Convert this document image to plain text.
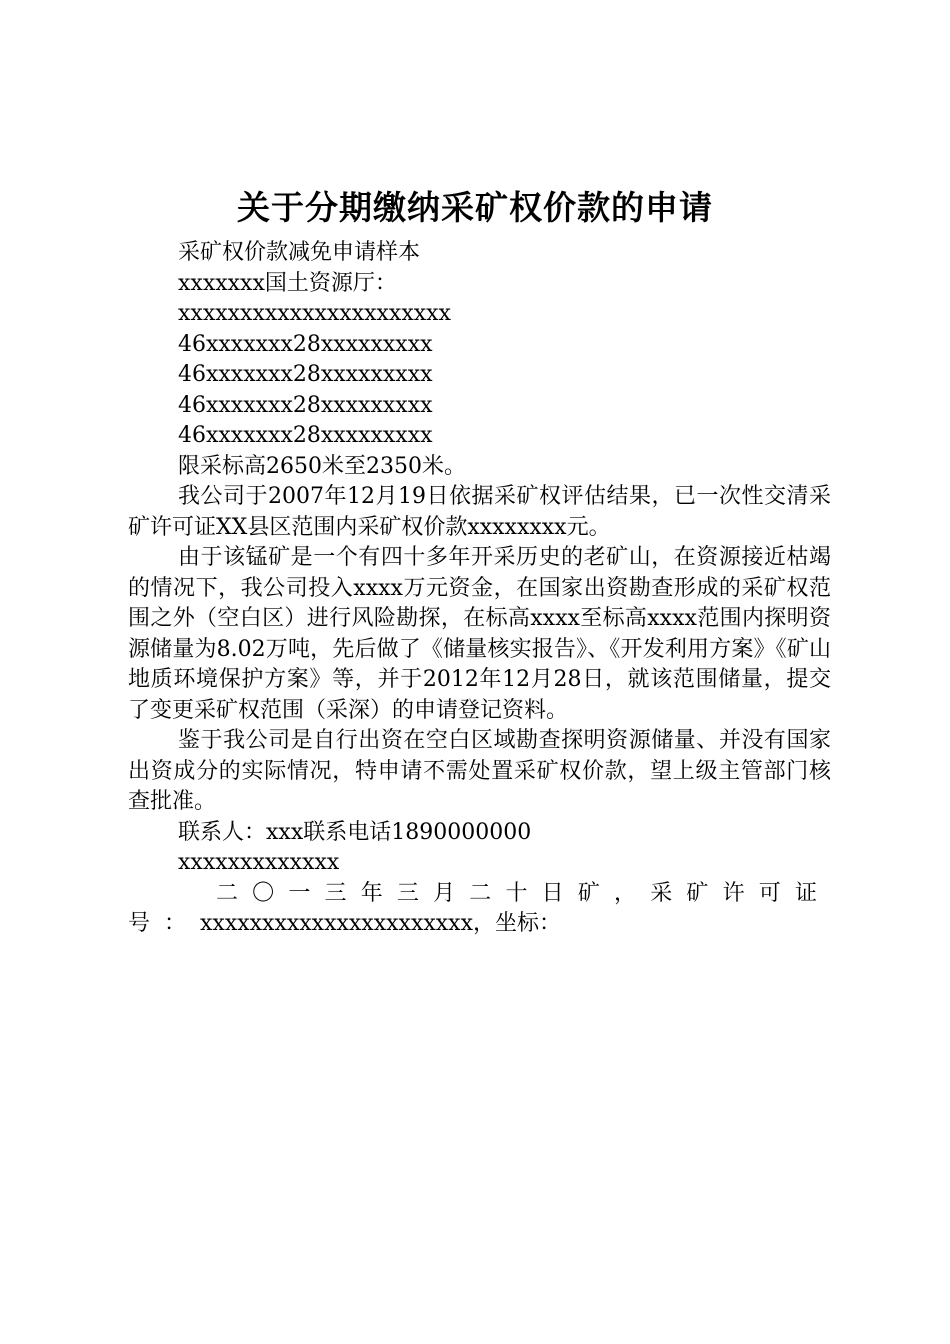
关于分期缴纳采矿权价款的申请
采矿权价款减免申请样本
xxxxxxx国土资源厅：
xxxxxxxxxxxxxxxxxxxxxx
46xxxxxxx28xxxxxxxxx
46xxxxxxx28xxxxxxxxx
46xxxxxxx28xxxxxxxxx
46xxxxxxx28xxxxxxxxx
限采标高2650米至2350米。
我公司于2007年12月19日依据采矿权评估结果，已一次性交清采矿许可证XX县区范围内采矿权价款xxxxxxxx元。
由于该锰矿是一个有四十多年开采历史的老矿山，在资源接近枯竭的情况下，我公司投入xxxx万元资金，在国家出资勘查形成的采矿权范围之外（空白区）进行风险勘探，在标高xxxx至标高xxxx范围内探明资源储量为8.02万吨，先后做了《储量核实报告》、《开发利用方案》《矿山地质环境保护方案》等，并于2012年12月28日，就该范围储量，提交了变更采矿权范围（采深）的申请登记资料。
鉴于我公司是自行出资在空白区域勘查探明资源储量、并没有国家出资成分的实际情况，特申请不需处置采矿权价款，望上级主管部门核查批准。
联系人：xxx联系电话1890000000
xxxxxxxxxxxxx
二〇一三年三月二十日矿，采矿许可证号：xxxxxxxxxxxxxxxxxxxxxx，坐标：
